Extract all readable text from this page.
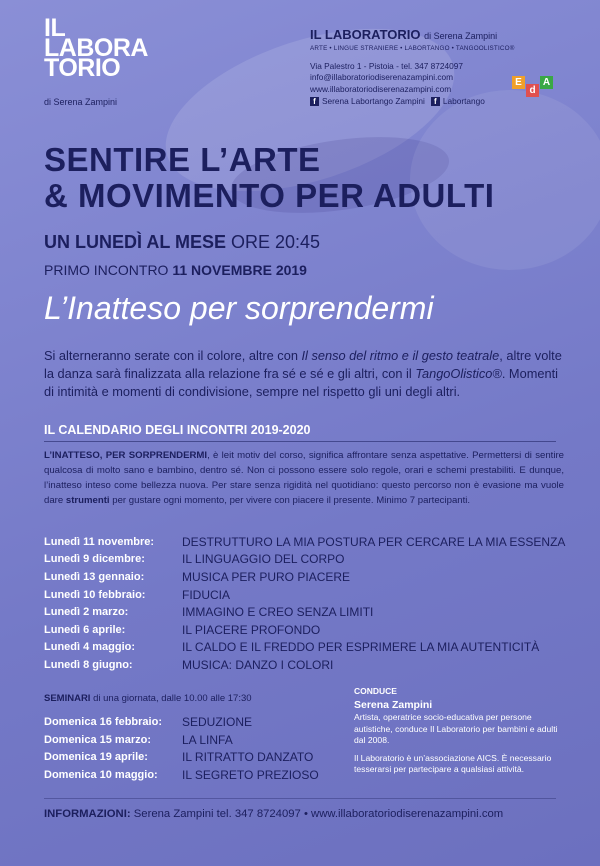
IL
LABORA
TORIO
di Serena Zampini
IL LABORATORIO di Serena Zampini
ARTE • LINGUE STRANIERE • LABORTANGO • TANGOOLISTICO®
Via Palestro 1 - Pistoia - tel. 347 8724097
info@illaboratoriodiserenazampini.com
www.illaboratoriodiserenazampini.com
f Serena Labortango Zampini	f Labortango
E
d
A
SENTIRE L’ARTE
& MOVIMENTO PER ADULTI
UN LUNEDÌ AL MESE ORE 20:45
PRIMO INCONTRO 11 NOVEMBRE 2019
L’Inatteso per sorprendermi
Si alterneranno serate con il colore, altre con Il senso del ritmo e il gesto teatrale, altre volte la danza sarà finalizzata alla relazione fra sé e sé e gli altri, con il TangoOlistico®. Momenti di intimità e momenti di condivisione, sempre nel rispetto gli uni degli altri.
IL CALENDARIO DEGLI INCONTRI 2019-2020
L’INATTESO, PER SORPRENDERMI, è leit motiv del corso, significa affrontare senza aspettative. Permettersi di sentire qualcosa di molto sano e bambino, dentro sé. Non ci possono essere solo regole, orari e schemi prestabiliti. E dunque, l’inatteso inteso come bellezza nuova. Per stare senza rigidità nel quotidiano: questo percorso non è evasione ma vuole dare strumenti per gustare ogni momento, per vivere con piacere il presente. Minimo 7 partecipanti.
Lunedì 11 novembre:	DESTRUTTURO LA MIA POSTURA PER CERCARE LA MIA ESSENZA
Lunedì 9 dicembre:	IL LINGUAGGIO DEL CORPO
Lunedì 13 gennaio:	MUSICA PER PURO PIACERE
Lunedì 10 febbraio:	FIDUCIA
Lunedì 2 marzo:	IMMAGINO E CREO SENZA LIMITI
Lunedì 6 aprile:	IL PIACERE PROFONDO
Lunedì 4 maggio:	IL CALDO E IL FREDDO PER ESPRIMERE LA MIA AUTENTICITÀ
Lunedì 8 giugno:	MUSICA: DANZO I COLORI
SEMINARI di una giornata, dalle 10.00 alle 17:30
Domenica 16 febbraio:	SEDUZIONE
Domenica 15 marzo:	LA LINFA
Domenica 19 aprile:	IL RITRATTO DANZATO
Domenica 10 maggio:	IL SEGRETO PREZIOSO
CONDUCE
Serena Zampini

Artista, operatrice socio-educativa per persone autistiche, conduce Il Laboratorio per bambini e adulti dal 2008.

Il Laboratorio è un’associazione AICS. È necessario tesserarsi per partecipare a qualsiasi attività.

INFORMAZIONI: Serena Zampini tel. 347 8724097 • www.illaboratoriodiserenazampini.com
